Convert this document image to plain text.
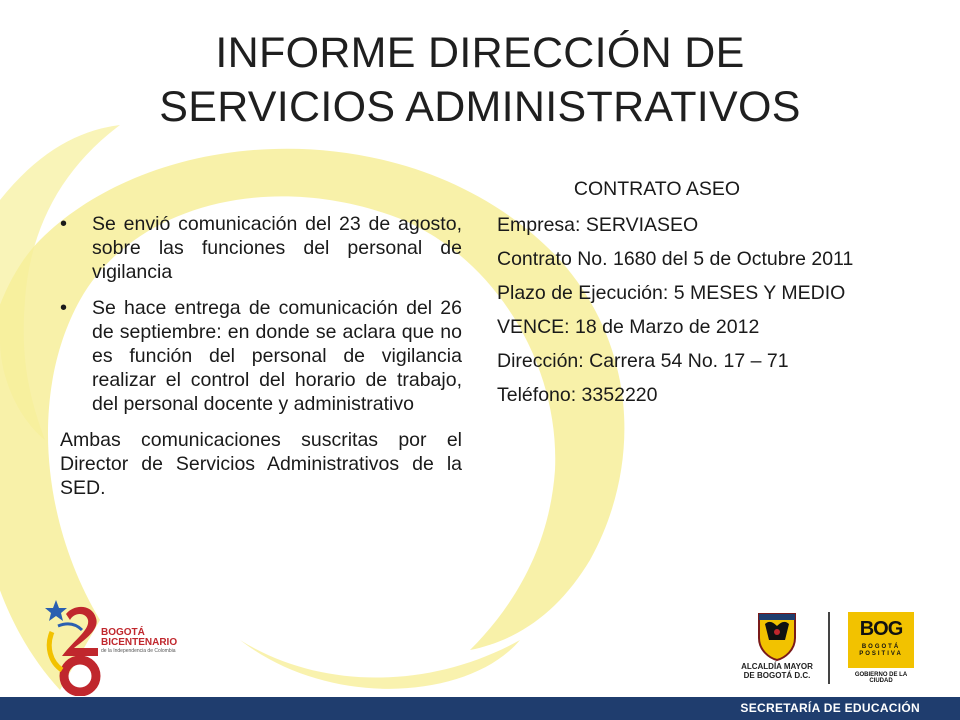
INFORME DIRECCIÓN DE
SERVICIOS ADMINISTRATIVOS
• Se envió comunicación del 23 de agosto, sobre las funciones del personal de vigilancia
• Se hace entrega de comunicación del 26 de septiembre: en donde se aclara que no es función del personal de vigilancia realizar el control del horario de trabajo, del personal docente y administrativo
Ambas comunicaciones suscritas por el Director de Servicios Administrativos de la SED.
CONTRATO ASEO
Empresa: SERVIASEO
Contrato No. 1680 del 5 de Octubre 2011
Plazo de Ejecución: 5 MESES Y MEDIO
VENCE: 18 de Marzo de 2012
Dirección: Carrera 54 No. 17 – 71
Teléfono: 3352220
BOGOTÁ
BICENTENARIO
de la Independencia de Colombia
ALCALDÍA MAYOR
DE BOGOTÁ D.C.
BOG
BOGOTÁ
POSITIVA
GOBIERNO DE LA CIUDAD
SECRETARÍA DE EDUCACIÓN
